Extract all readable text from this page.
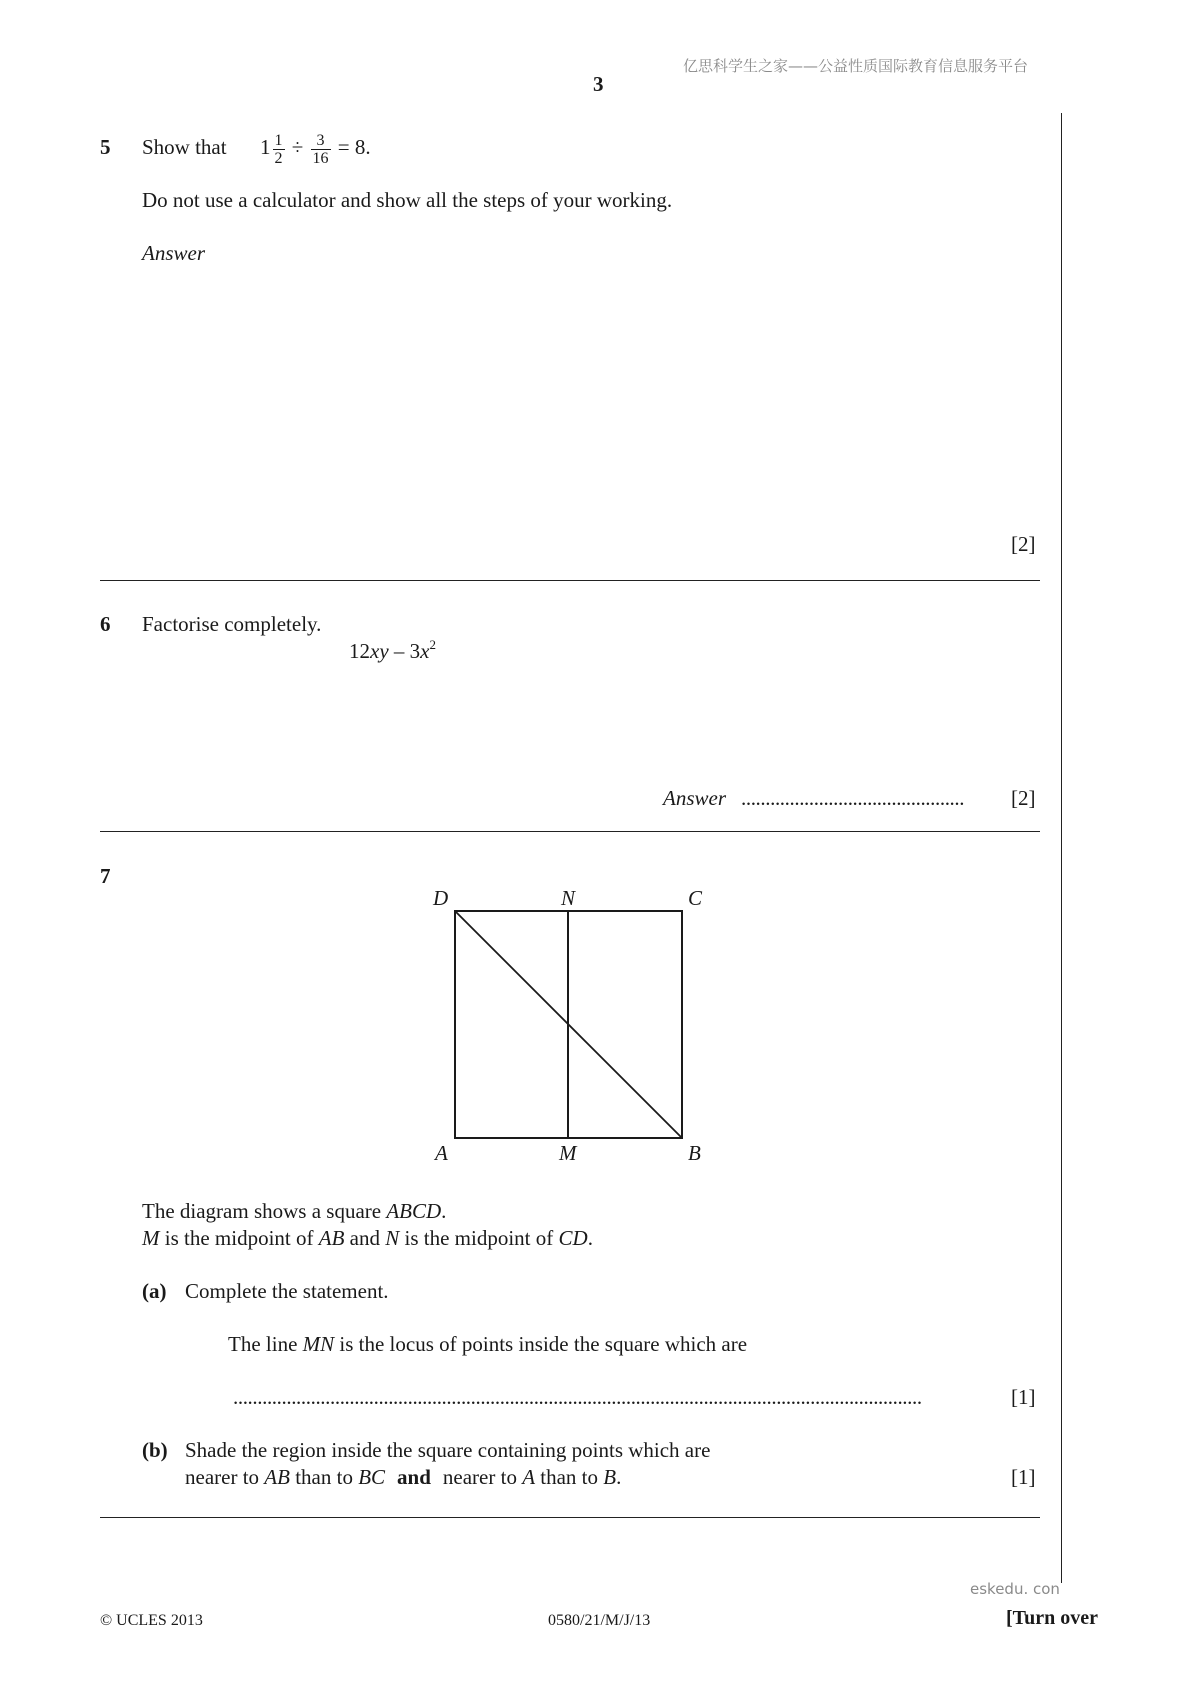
亿思科学生之家——公益性质国际教育信息服务平台
3
5 Show that $1 \frac{1}{2} \div \frac{3}{16} = 8$.
Do not use a calculator and show all the steps of your working.
Answer
[2]
6 Factorise completely.
$12xy - 3x^2$
Answer .............................................. [2]
7
D	N	C
A	M	B
The diagram shows a square ABCD.
M is the midpoint of AB and N is the midpoint of CD.
(a) Complete the statement.
The line MN is the locus of points inside the square which are
..............................................................................................................................................	[1]
(b) Shade the region inside the square containing points which are
nearer to AB than to BC and nearer to A than to B.	[1]
eskedu. con
© UCLES 2013	0580/21/M/J/13	[Turn over
